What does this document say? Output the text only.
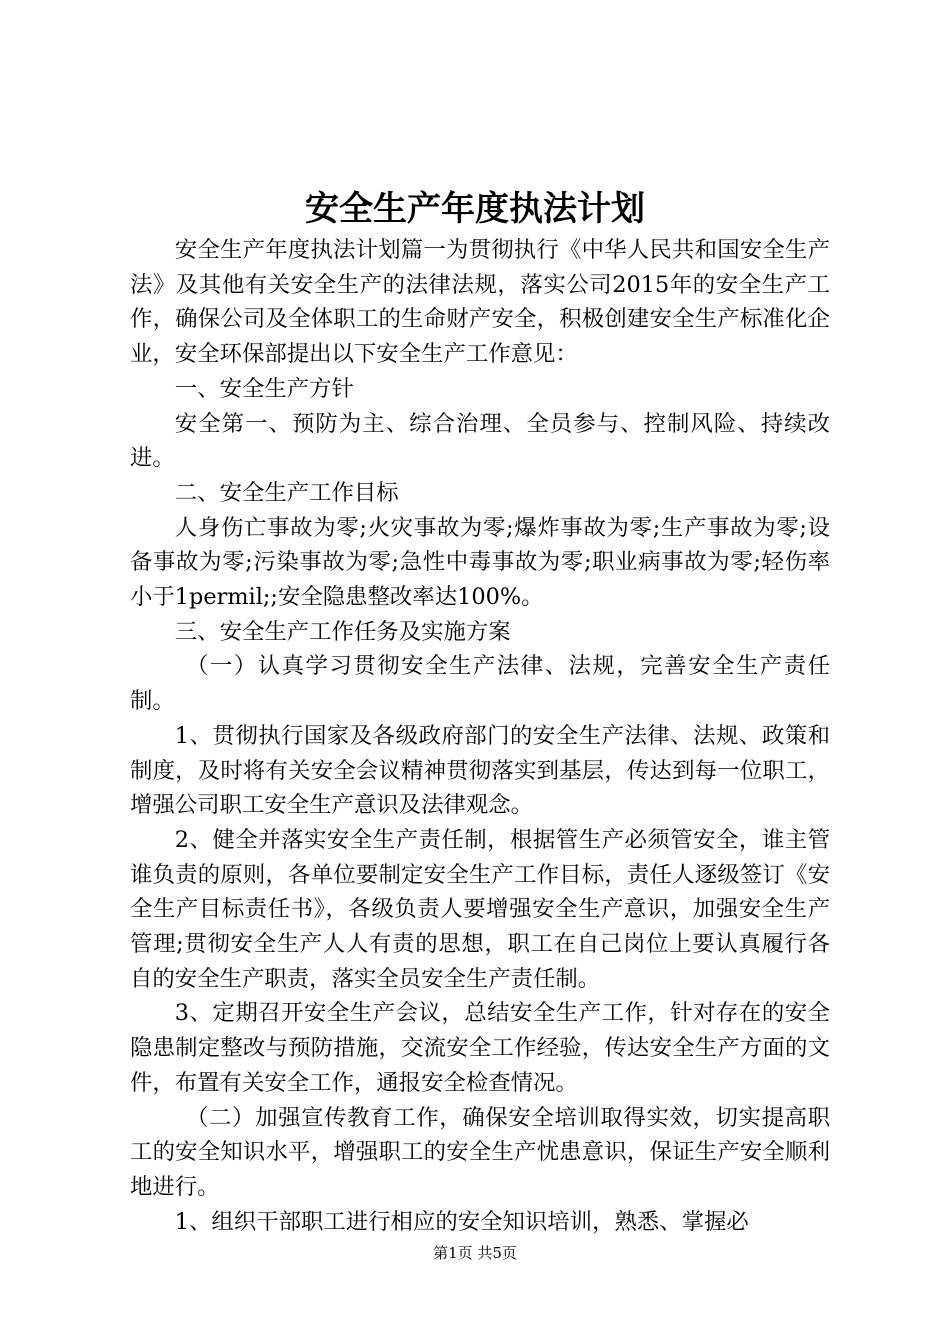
安全生产年度执法计划

安全生产年度执法计划篇一为贯彻执行《中华人民共和国安全生产法》及其他有关安全生产的法律法规，落实公司2015年的安全生产工作，确保公司及全体职工的生命财产安全，积极创建安全生产标准化企业，安全环保部提出以下安全生产工作意见：

一、安全生产方针

安全第一、预防为主、综合治理、全员参与、控制风险、持续改进。

二、安全生产工作目标

人身伤亡事故为零;火灾事故为零;爆炸事故为零;生产事故为零;设备事故为零;污染事故为零;急性中毒事故为零;职业病事故为零;轻伤率小于1permil;;安全隐患整改率达100%。

三、安全生产工作任务及实施方案

（一）认真学习贯彻安全生产法律、法规，完善安全生产责任制。

1、贯彻执行国家及各级政府部门的安全生产法律、法规、政策和制度，及时将有关安全会议精神贯彻落实到基层，传达到每一位职工，增强公司职工安全生产意识及法律观念。

2、健全并落实安全生产责任制，根据管生产必须管安全，谁主管谁负责的原则，各单位要制定安全生产工作目标，责任人逐级签订《安全生产目标责任书》，各级负责人要增强安全生产意识，加强安全生产管理;贯彻安全生产人人有责的思想，职工在自己岗位上要认真履行各自的安全生产职责，落实全员安全生产责任制。

3、定期召开安全生产会议，总结安全生产工作，针对存在的安全隐患制定整改与预防措施，交流安全工作经验，传达安全生产方面的文件，布置有关安全工作，通报安全检查情况。

（二）加强宣传教育工作，确保安全培训取得实效，切实提高职工的安全知识水平，增强职工的安全生产忧患意识，保证生产安全顺利地进行。

1、组织干部职工进行相应的安全知识培训，熟悉、掌握必

第1页 共5页
